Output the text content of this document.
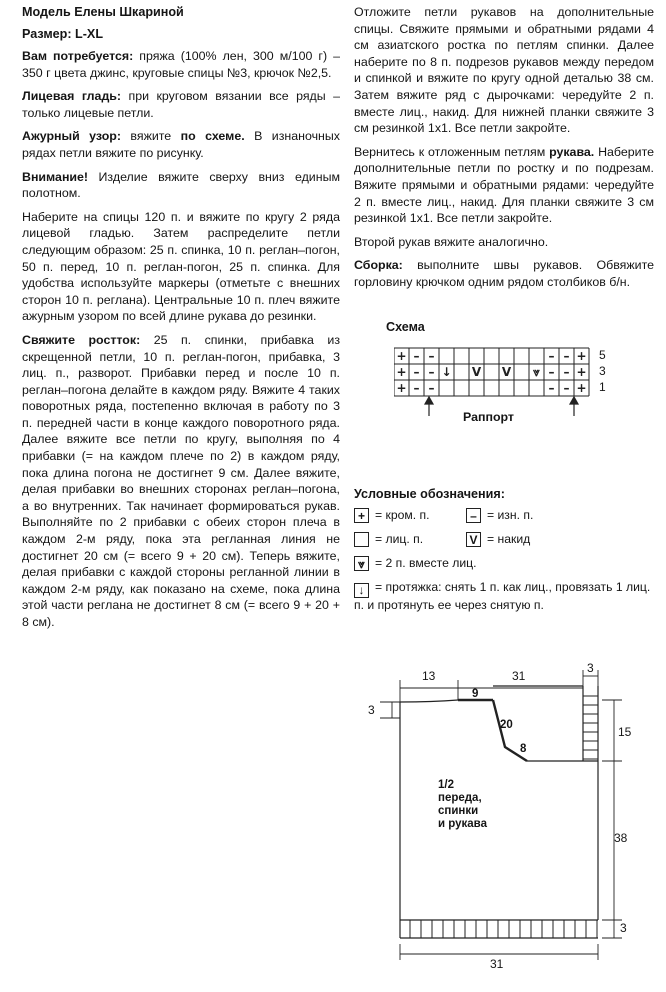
Модель Елены Шкариной
Размер: L-XL

Вам потребуется: пряжа (100% лен, 300 м/100 г) – 350 г цвета джинс, круговые спицы №3, крючок №2,5.

Лицевая гладь: при круговом вязании все ряды – только лицевые петли.

Ажурный узор: вяжите по схеме. В изнаночных рядах петли вяжите по рисунку.

Внимание! Изделие вяжите сверху вниз единым полотном.

Наберите на спицы 120 п. и вяжите по кругу 2 ряда лицевой гладью. Затем распределите петли следующим образом: 25 п. спинка, 10 п. реглан–погон, 50 п. перед, 10 п. реглан-погон, 25 п. спинка. Для удобства используйте маркеры (отметьте с внешних сторон 10 п. реглана). Центральные 10 п. плеч вяжите ажурным узором по всей длине рукава до резинки.

Свяжите ростток: 25 п. спинки, прибавка из скрещенной петли, 10 п. реглан-погон, прибавка, 3 лиц. п., разворот. Прибавки перед и после 10 п. реглан–погона делайте в каждом ряду. Вяжите 4 таких поворотных ряда, постепенно включая в работу по 3 п. передней части в конце каждого поворотного ряда. Далее вяжите все петли по кругу, выполняя по 4 прибавки (= на каждом плече по 2) в каждом ряду, пока длина погона не достигнет 9 см. Далее вяжите, делая прибавки во внешних сторонах реглан–погона, а во внутренних. Так начинает формироваться рукав. Выполняйте по 2 прибавки с обеих сторон плеча в каждом 2-м ряду, пока эта регланная линия не достигнет 20 см (= всего 9 + 20 см). Теперь вяжите, делая прибавки с каждой стороны регланной линии в каждом 2-м ряду, как показано на схеме, пока длина этой части реглана не достигнет 8 см (= всего 9 + 20 + 8 см).

Отложите петли рукавов на дополнительные спицы. Свяжите прямыми и обратными рядами 4 см азиатского ростка по петлям спинки. Далее наберите по 8 п. подрезов рукавов между передом и спинкой и вяжите по кругу одной деталью 38 см. Затем вяжите ряд с дырочками: чередуйте 2 п. вместе лиц., накид. Для нижней планки свяжите 3 см резинкой 1x1. Все петли закройте.

Вернитесь к отложенным петлям рукава. Наберите дополнительные петли по ростку и по подрезам. Вяжите прямыми и обратными рядами: чередуйте 2 п. вместе лиц., накид. Для планки свяжите 3 см резинкой 1x1. Все петли закройте.

Второй рукав вяжите аналогично.

Сборка: выполните швы рукавов. Обвяжите горловину крючком одним рядом столбиков б/н.

Схема
+ – –	– – +
+ – – ↓ V V ⩔ – – +
+ – –	– – +
5
3
1
Раппорт
Условные обозначения:
+ = кром. п.	– = изн. п.
= лиц. п.	V = накид
⩔ = 2 п. вместе лиц.
↓ = протяжка: снять 1 п. как лиц., провязать 1 лиц. п. и протянуть ее через снятую п.
13	31
3
3
9
20
8
15
38
3
31
1/2
переда,
спинки
и рукава
